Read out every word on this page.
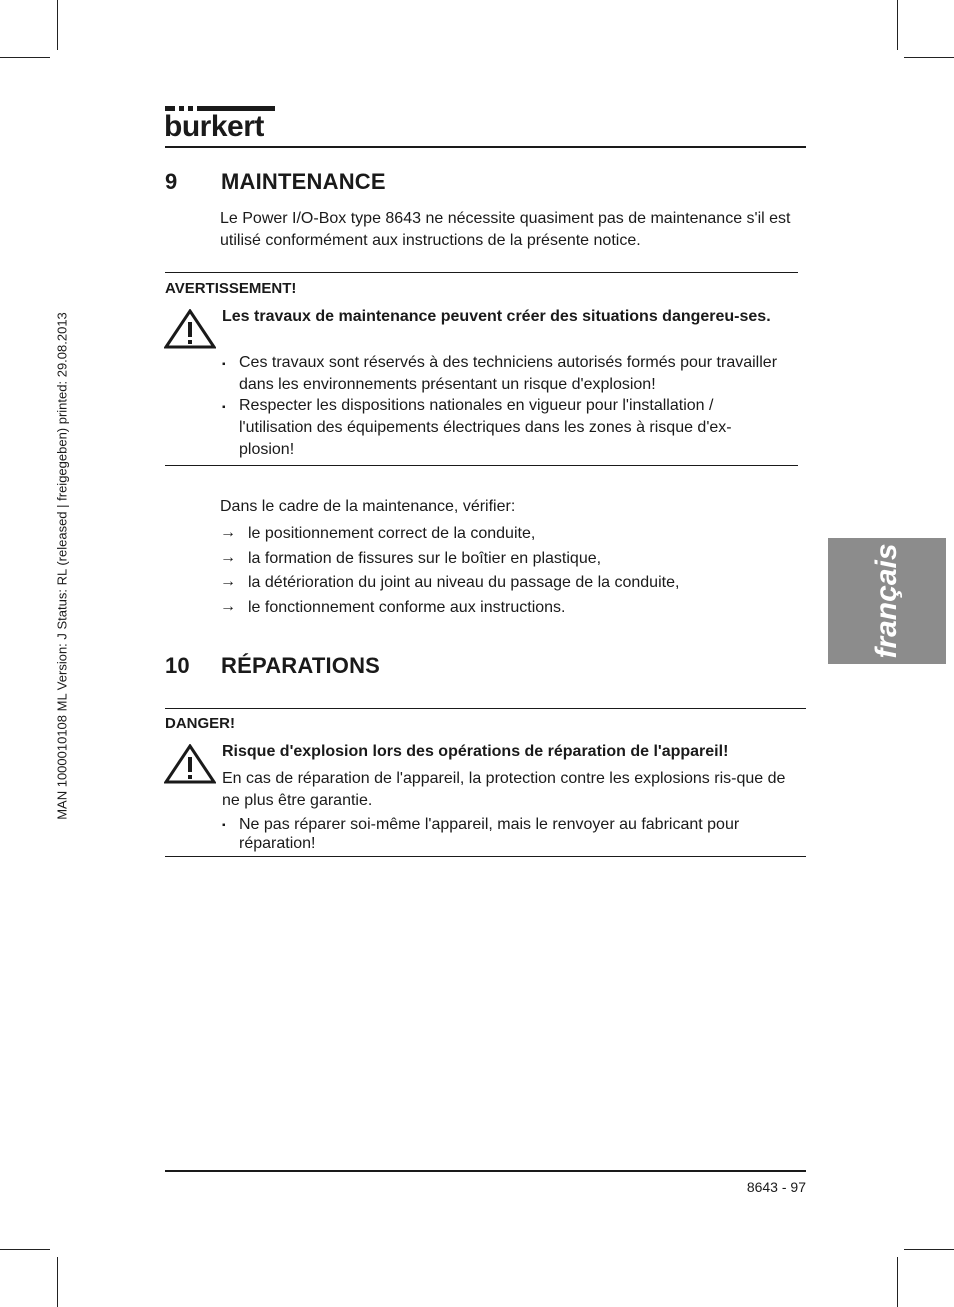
burkert
MAN 1000010108 ML Version: J Status: RL (released | freigegeben) printed: 29.08.2013	français
9 MAINTENANCE
Le Power I/O-Box type 8643 ne nécessite quasiment pas de maintenance s'il est utilisé conformément aux instructions de la présente notice.
AVERTISSEMENT!
Les travaux de maintenance peuvent créer des situations dangereu-ses.
▪ Ces travaux sont réservés à des techniciens autorisés formés pour travailler dans les environnements présentant un risque d'explosion!
▪ Respecter les dispositions nationales en vigueur pour l'installation / l'utilisation des équipements électriques dans les zones à risque d'ex-plosion!
Dans le cadre de la maintenance, vérifier:
→ le positionnement correct de la conduite,
→ la formation de fissures sur le boîtier en plastique,
→ la détérioration du joint au niveau du passage de la conduite,
→ le fonctionnement conforme aux instructions.
10 RÉPARATIONS
DANGER!
Risque d'explosion lors des opérations de réparation de l'appareil!
En cas de réparation de l'appareil, la protection contre les explosions ris-que de ne plus être garantie.
▪ Ne pas réparer soi-même l'appareil, mais le renvoyer au fabricant pour réparation!
8643 - 97
